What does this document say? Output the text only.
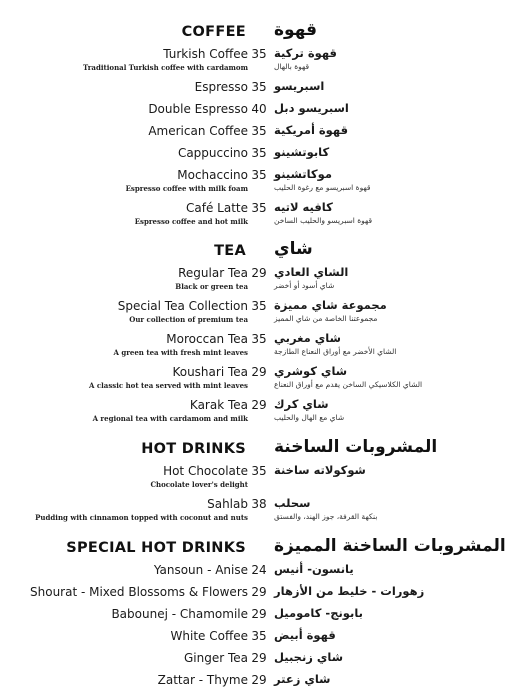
COFFEE قهوة
Turkish Coffee 35 قهوة تركية
Traditional Turkish coffee with cardamom	قهوة بالهال
Espresso 35 اسبريسو
Double Espresso 40 اسبريسو دبل
American Coffee 35 قهوة أمريكية
Cappuccino 35 كابوتشينو
Mochaccino 35 موكاتشينو
Espresso coffee with milk foam	قهوة اسبريسو مع رغوة الحليب
Café Latte 35 كافيه لاتيه
Espresso coffee and hot milk	قهوة اسبريسو والحليب الساخن
TEA شاي
Regular Tea 29 الشاي العادي
Black or green tea	شاي أسود أو أخضر
Special Tea Collection 35 مجموعة شاي مميزة
Our collection of premium tea	مجموعتنا الخاصة من شاي المميز
Moroccan Tea 35 شاي مغربي
A green tea with fresh mint leaves	الشاي الأخضر مع أوراق النعناع الطازجة
Koushari Tea 29 شاي كوشري
A classic hot tea served with mint leaves	الشاي الكلاسيكي الساخن يقدم مع أوراق النعناع
Karak Tea 29 شاي كرك
A regional tea with cardamom and milk	شاي مع الهال والحليب
HOT DRINKS المشروبات الساخنة
Hot Chocolate 35 شوكولاته ساخنة
Chocolate lover's delight
Sahlab 38 سحلب
Pudding with cinnamon topped with coconut and nuts	بنكهة القرفة، جوز الهند، والفستق
SPECIAL HOT DRINKS المشروبات الساخنة المميزة
Yansoun - Anise 24 يانسون- أنيس
Shourat - Mixed Blossoms & Flowers 29 زهورات - خليط من الأزهار
Babounej - Chamomile 29 بابونج- كاموميل
White Coffee 35 قهوة أبيض
Ginger Tea 29 شاي زنجبيل
Zattar - Thyme 29 شاي زعتر
